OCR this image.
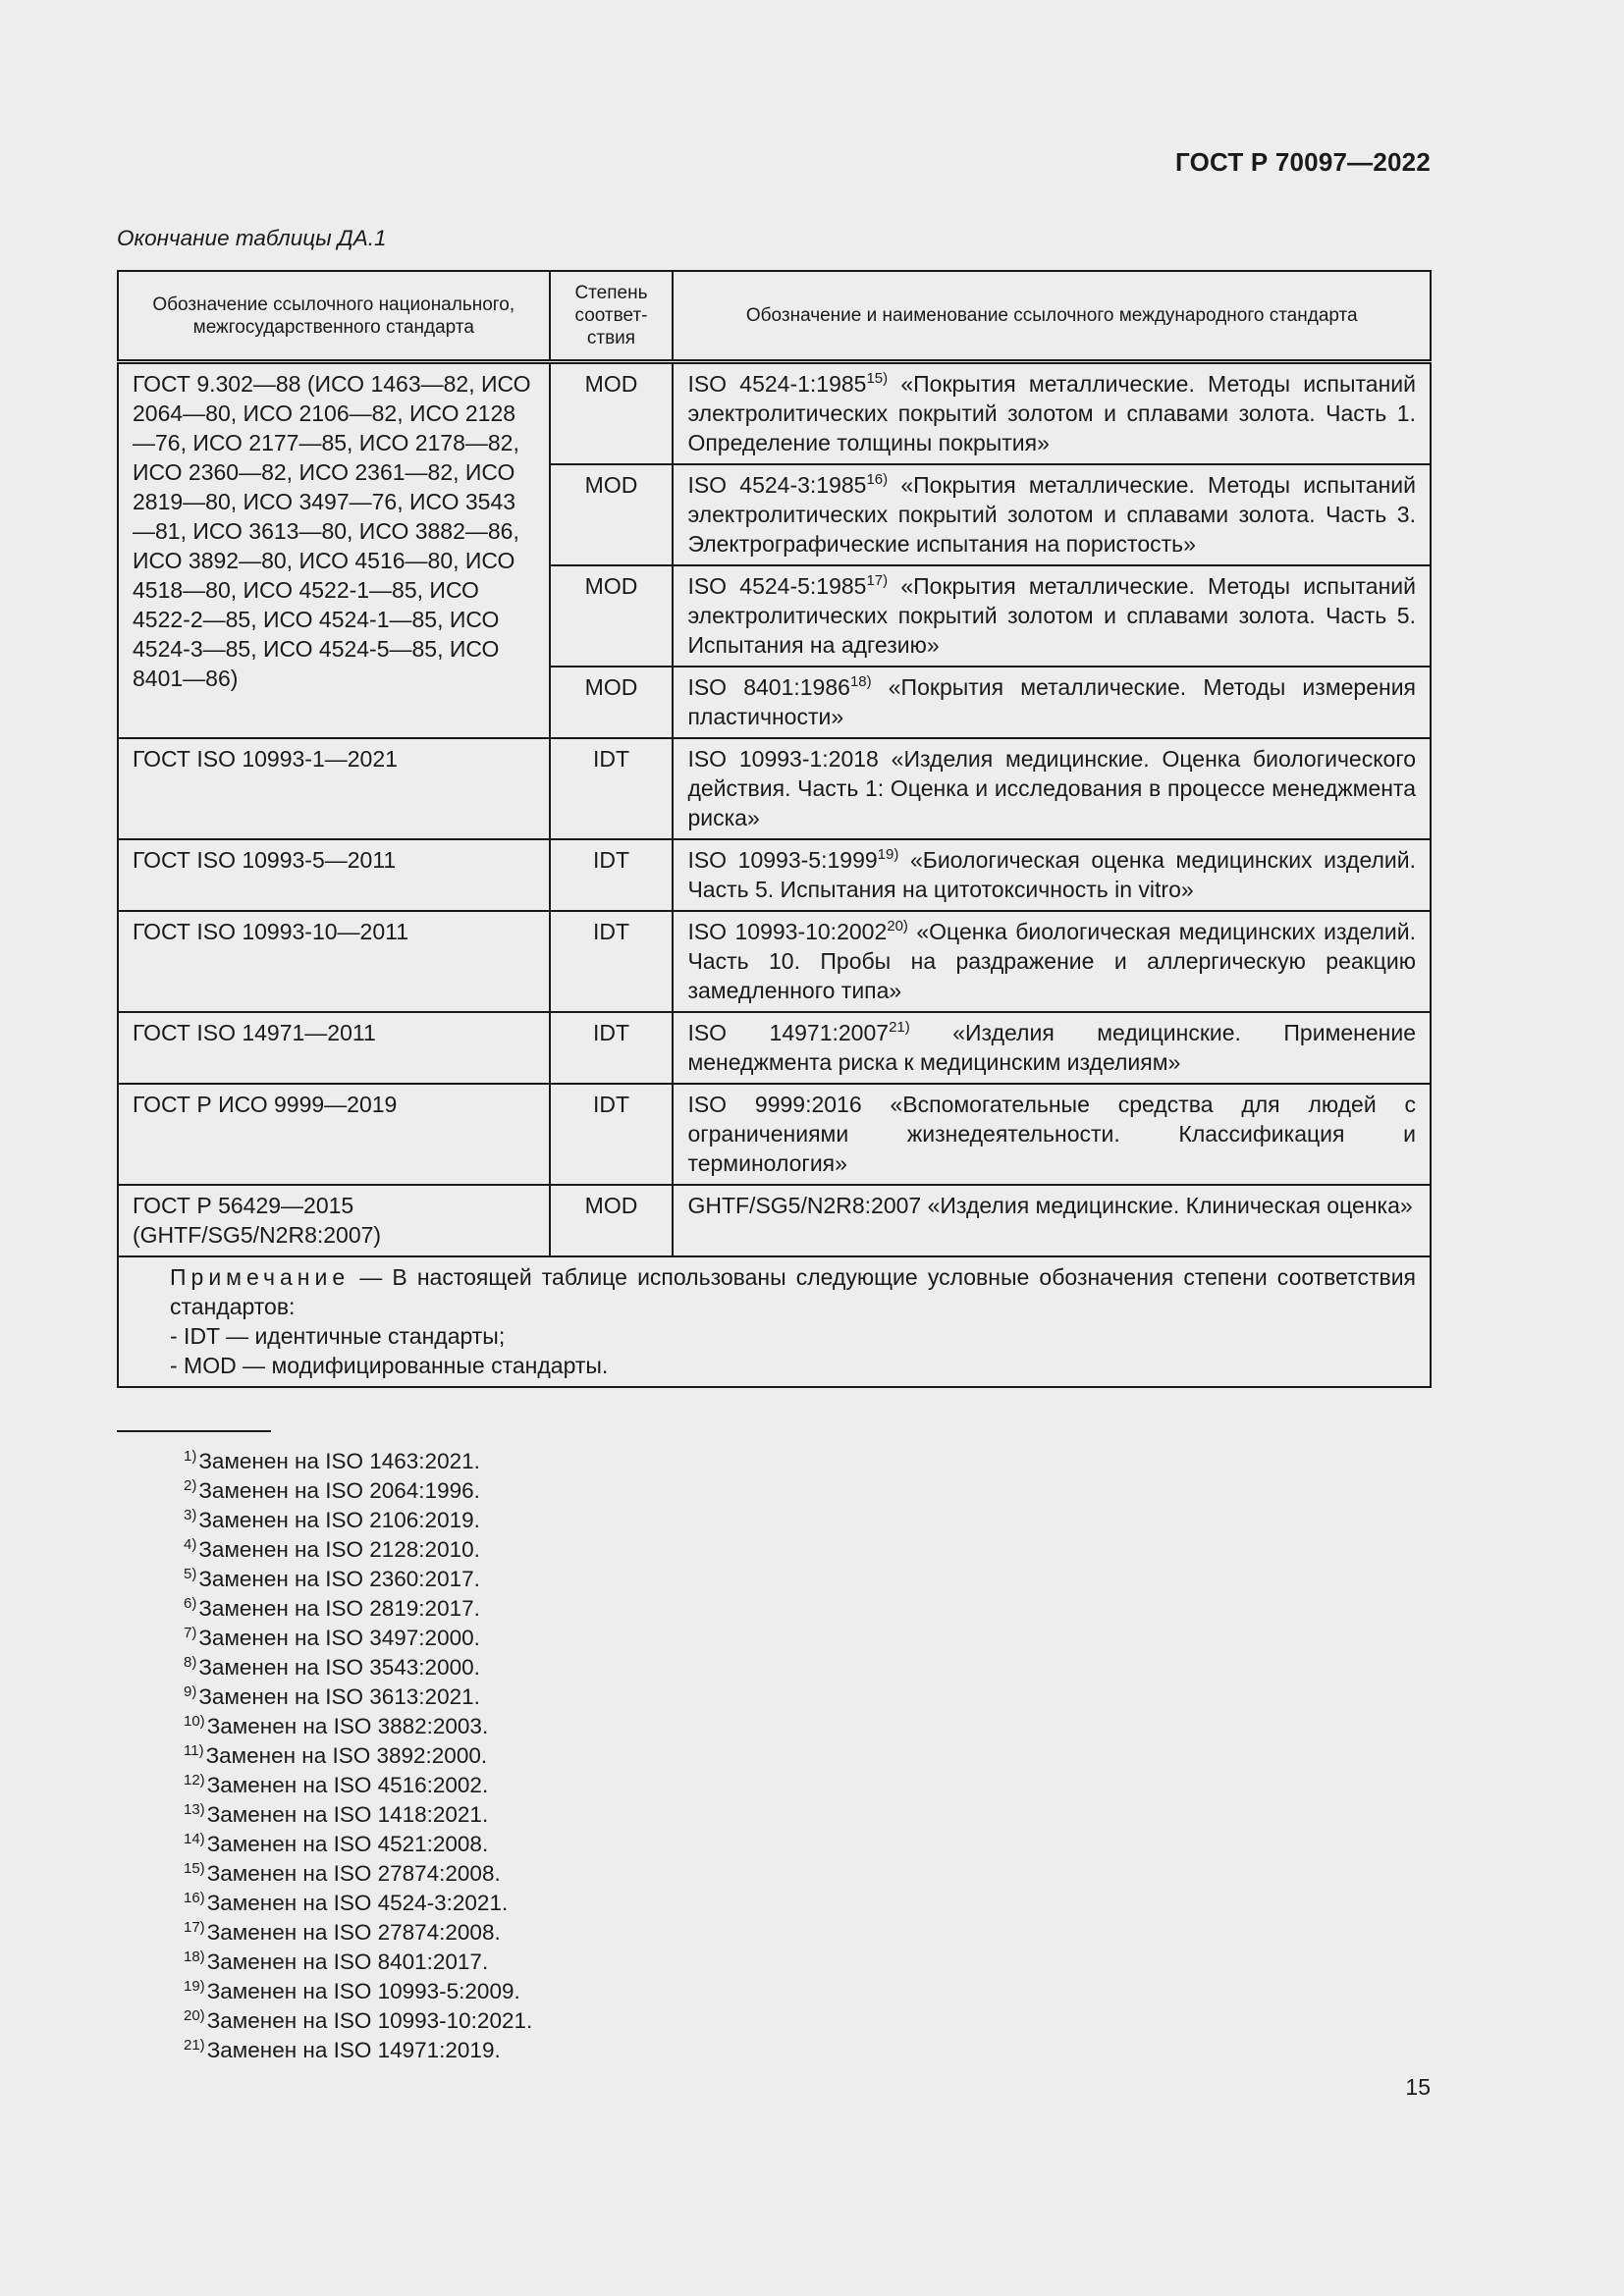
ГОСТ Р 70097—2022
Окончание таблицы ДА.1
Обозначение ссылочного национального, межгосударственного стандарта	Степень соответ-ствия	Обозначение и наименование ссылочного международного стандарта
ГОСТ 9.302—88 (ИСО 1463—82, ИСО 2064—80, ИСО 2106—82, ИСО 2128—76, ИСО 2177—85, ИСО 2178—82, ИСО 2360—82, ИСО 2361—82, ИСО 2819—80, ИСО 3497—76, ИСО 3543—81, ИСО 3613—80, ИСО 3882—86, ИСО 3892—80, ИСО 4516—80, ИСО 4518—80, ИСО 4522-1—85, ИСО 4522-2—85, ИСО 4524-1—85, ИСО 4524-3—85, ИСО 4524-5—85, ИСО 8401—86)	MOD	ISO 4524-1:1985$^{15)}$ «Покрытия металлические. Методы испытаний электролитических покрытий золотом и сплавами золота. Часть 1. Определение толщины покрытия»
	MOD	ISO 4524-3:1985$^{16)}$ «Покрытия металлические. Методы испытаний электролитических покрытий золотом и сплавами золота. Часть 3. Электрографические испытания на пористость»
	MOD	ISO 4524-5:1985$^{17)}$ «Покрытия металлические. Методы испытаний электролитических покрытий золотом и сплавами золота. Часть 5. Испытания на адгезию»
	MOD	ISO 8401:1986$^{18)}$ «Покрытия металлические. Методы измерения пластичности»
ГОСТ ISO 10993-1—2021	IDT	ISO 10993-1:2018 «Изделия медицинские. Оценка биологического действия. Часть 1: Оценка и исследования в процессе менеджмента риска»
ГОСТ ISO 10993-5—2011	IDT	ISO 10993-5:1999$^{19)}$ «Биологическая оценка медицинских изделий. Часть 5. Испытания на цитотоксичность in vitro»
ГОСТ ISO 10993-10—2011	IDT	ISO 10993-10:2002$^{20)}$ «Оценка биологическая медицинских изделий. Часть 10. Пробы на раздражение и аллергическую реакцию замедленного типа»
ГОСТ ISO 14971—2011	IDT	ISO 14971:2007$^{21)}$ «Изделия медицинские. Применение менеджмента риска к медицинским изделиям»
ГОСТ Р ИСО 9999—2019	IDT	ISO 9999:2016 «Вспомогательные средства для людей с ограничениями жизнедеятельности. Классификация и терминология»
ГОСТ Р 56429—2015 (GHTF/SG5/N2R8:2007)	MOD	GHTF/SG5/N2R8:2007 «Изделия медицинские. Клиническая оценка»

Примечание — В настоящей таблице использованы следующие условные обозначения степени соответствия стандартов:
- IDT — идентичные стандарты;
- MOD — модифицированные стандарты.		
$^{1)}$Заменен на ISO 1463:2021.
$^{2)}$Заменен на ISO 2064:1996.
$^{3)}$Заменен на ISO 2106:2019.
$^{4)}$Заменен на ISO 2128:2010.
$^{5)}$Заменен на ISO 2360:2017.
$^{6)}$Заменен на ISO 2819:2017.
$^{7)}$Заменен на ISO 3497:2000.
$^{8)}$Заменен на ISO 3543:2000.
$^{9)}$Заменен на ISO 3613:2021.
$^{10)}$Заменен на ISO 3882:2003.
$^{11)}$Заменен на ISO 3892:2000.
$^{12)}$Заменен на ISO 4516:2002.
$^{13)}$Заменен на ISO 1418:2021.
$^{14)}$Заменен на ISO 4521:2008.
$^{15)}$Заменен на ISO 27874:2008.
$^{16)}$Заменен на ISO 4524-3:2021.
$^{17)}$Заменен на ISO 27874:2008.
$^{18)}$Заменен на ISO 8401:2017.
$^{19)}$Заменен на ISO 10993-5:2009.
$^{20)}$Заменен на ISO 10993-10:2021.
$^{21)}$Заменен на ISO 14971:2019.
15
